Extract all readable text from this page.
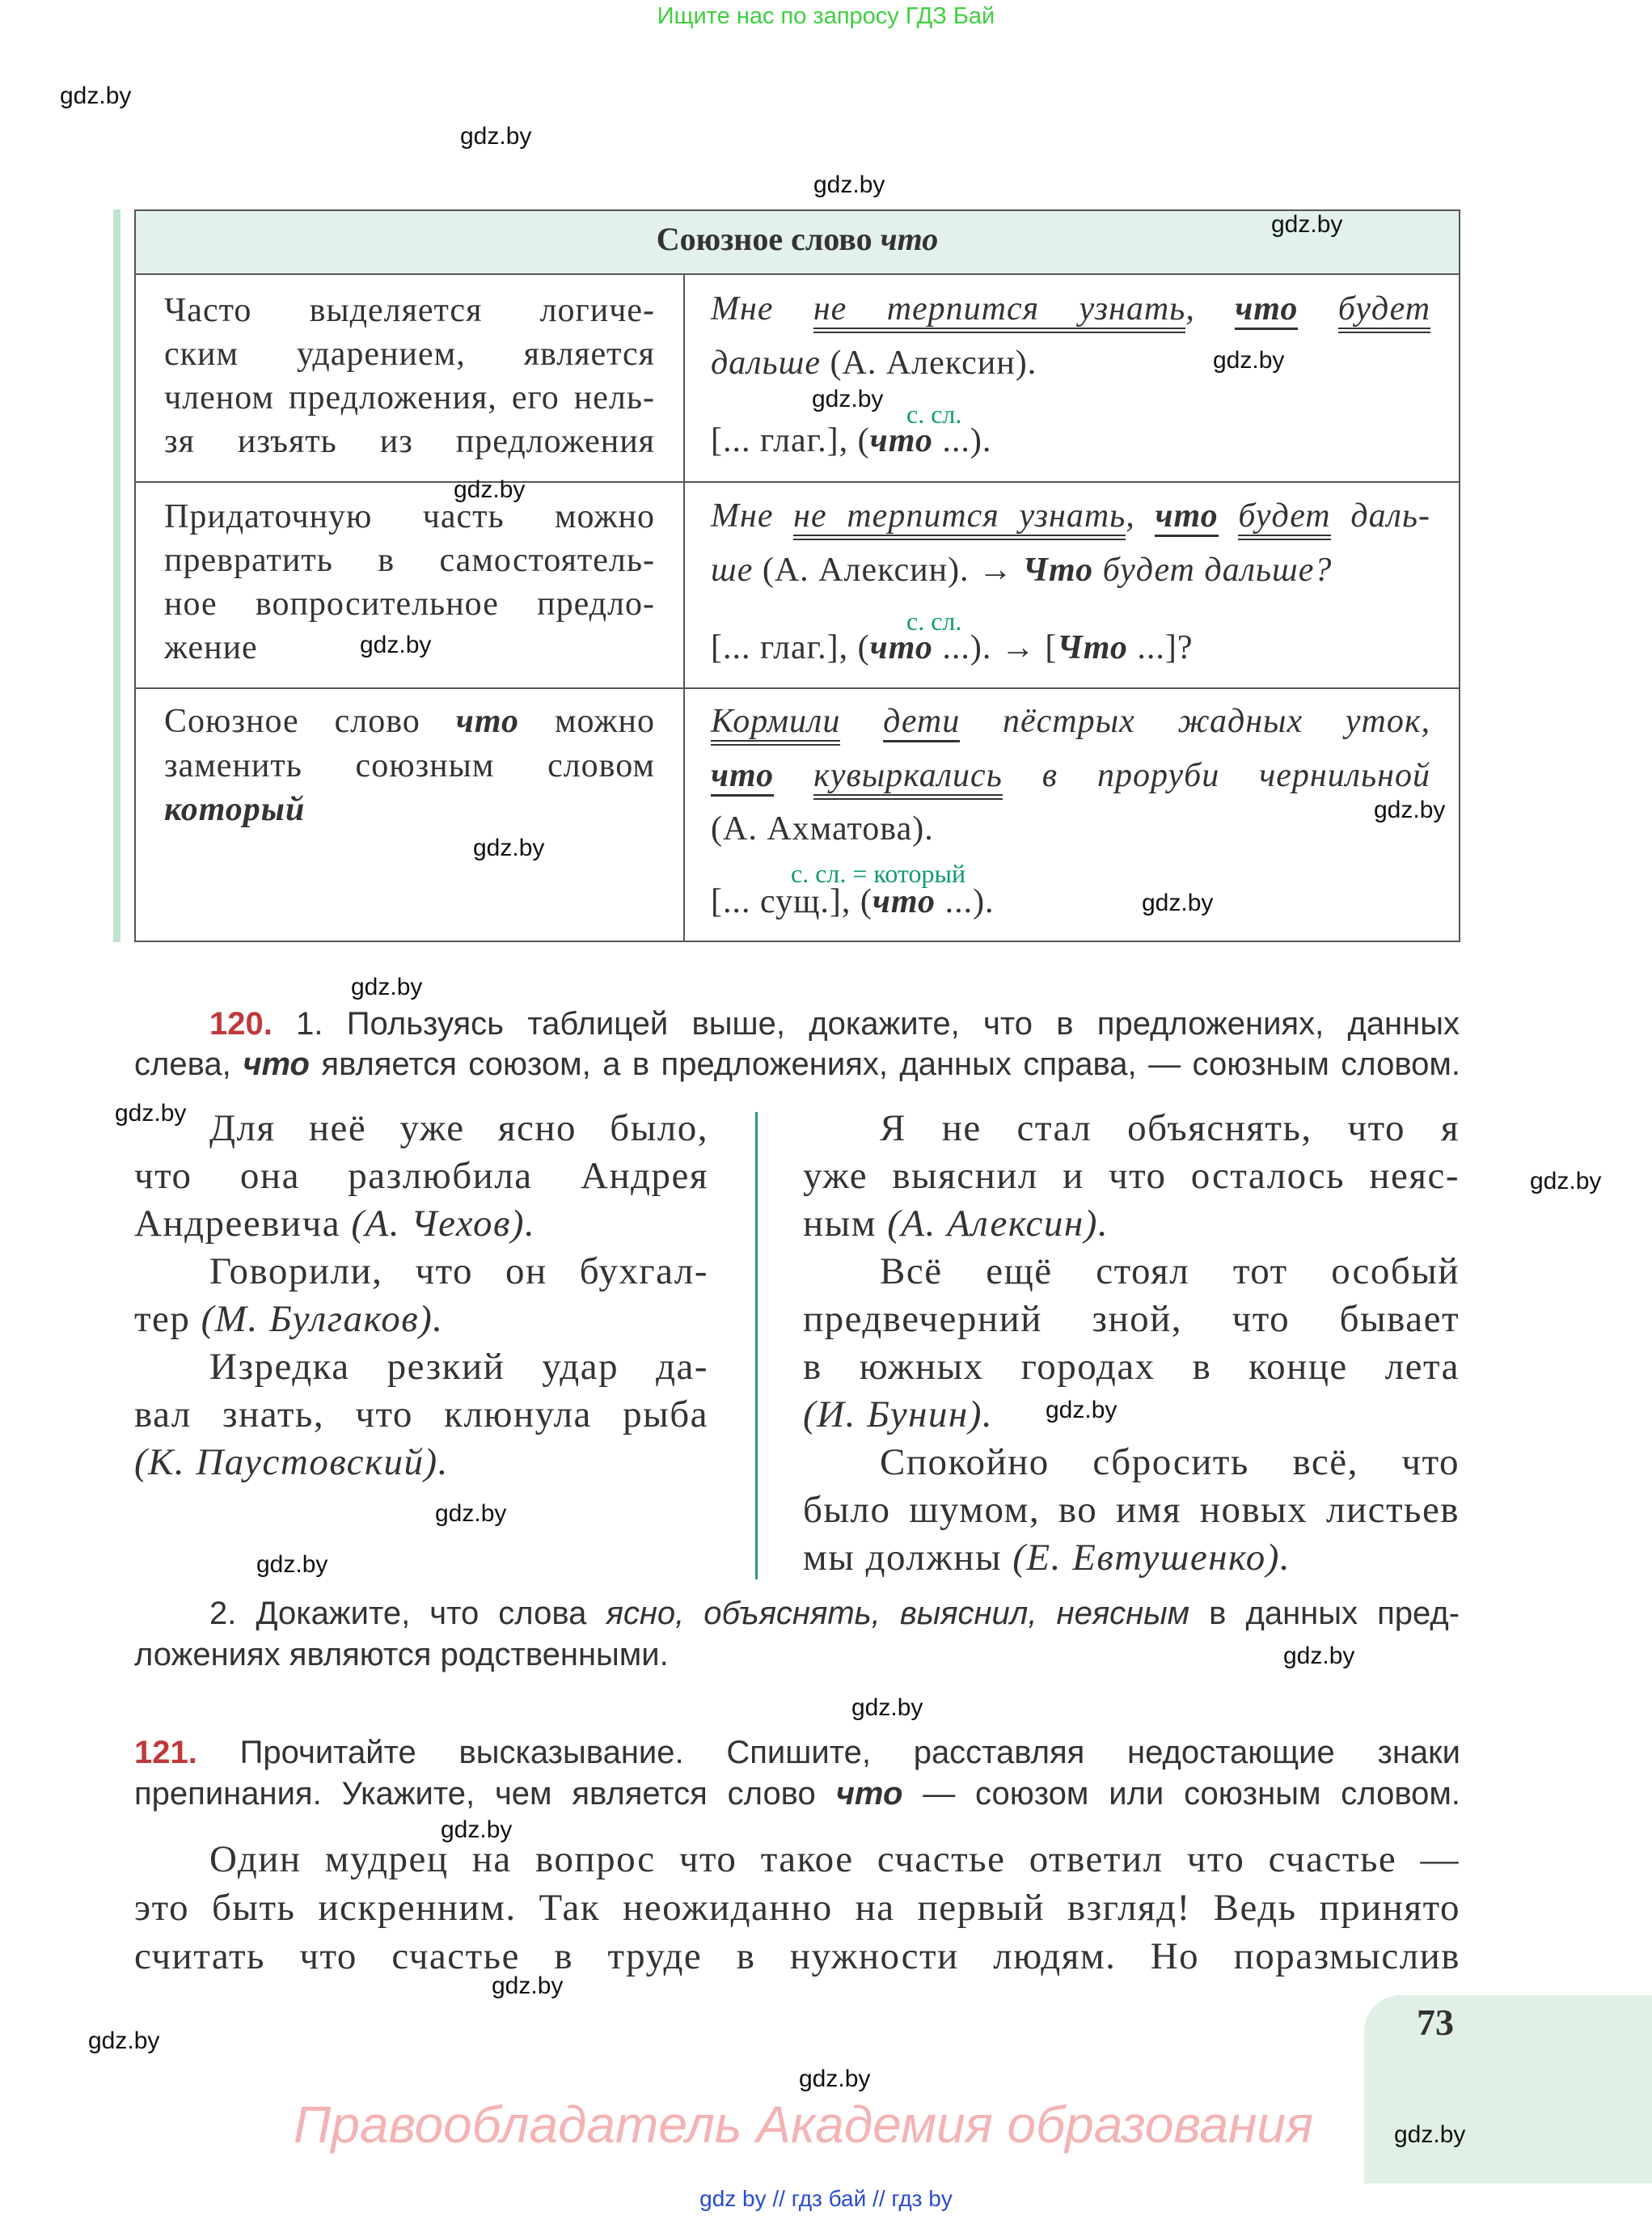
Ищите нас по запросу ГДЗ Бай
Союзное слово что
Часто выделяется логиче-
ским ударением, является
членом предложения, его нель-
зя изъять из предложения
Мне не терпится узнать, что будет
дальше (А. Алексин).
с. сл.
[... глаг.], (что ...).
Придаточную часть можно
превратить в самостоятель-
ное вопросительное предло-
жение
Мне не терпится узнать, что будет даль-
ше (А. Алексин). → Что будет дальше?
с. сл.
[... глаг.], (что ...). → [Что ...]?
Союзное слово что можно
заменить союзным словом
который
Кормили дети пёстрых жадных уток,
что кувыркались в проруби чернильной
(А. Ахматова).
с. сл. = который
[... сущ.], (что ...).
120. 1. Пользуясь таблицей выше, докажите, что в предложениях, данных
слева, что является союзом, а в предложениях, данных справа, — союзным словом.
Для неё уже ясно было,
что она разлюбила Андрея
Андреевича (А. Чехов).
Говорили, что он бухгал-
тер (М. Булгаков).
Изредка резкий удар да-
вал знать, что клюнула рыба
(К. Паустовский).
Я не стал объяснять, что я
уже выяснил и что осталось неяс-
ным (А. Алексин).
Всё ещё стоял тот особый
предвечерний зной, что бывает
в южных городах в конце лета
(И. Бунин).
Спокойно сбросить всё, что
было шумом, во имя новых листьев
мы должны (Е. Евтушенко).
2. Докажите, что слова ясно, объяснять, выяснил, неясным в данных пред-
ложениях являются родственными.
121. Прочитайте высказывание. Спишите, расставляя недостающие знаки
препинания. Укажите, чем является слово что — союзом или союзным словом.
Один мудрец на вопрос что такое счастье ответил что счастье —
это быть искренним. Так неожиданно на первый взгляд! Ведь принято
считать что счастье в труде в нужности людям. Но поразмыслив
73
Правообладатель Академия образования
gdz by // гдз бай // гдз by
gdz.by
gdz.by
gdz.by
gdz.by
gdz.by
gdz.by
gdz.by
gdz.by
gdz.by
gdz.by
gdz.by
gdz.by
gdz.by
gdz.by
gdz.by
gdz.by
gdz.by
gdz.by
gdz.by
gdz.by
gdz.by
gdz.by
gdz.by
gdz.by
